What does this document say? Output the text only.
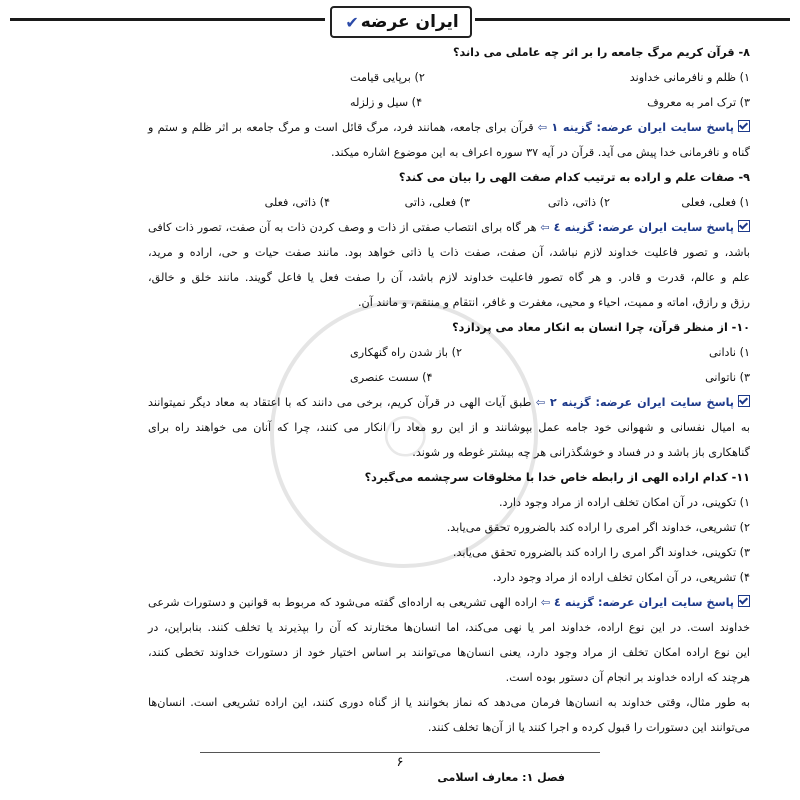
ایران عرضه
✔
◯

۸- قرآن کریم مرگ جامعه را بر اثر چه عاملی می داند؟

۱) ظلم و نافرمانی خداوند
۲) برپایی قیامت
۳) ترک امر به معروف
۴) سیل و زلزله

پاسخ سایت ایران عرضه: گزینه ۱ ⇦ قرآن برای جامعه، همانند فرد، مرگ قائل است و مرگ جامعه بر اثر ظلم و ستم و

گناه و نافرمانی خدا پیش می آید. قرآن در آیه ۳۷ سوره اعراف به این موضوع اشاره میکند.

۹- صفات علم و اراده به ترتیب کدام صفت الهی را بیان می کند؟

۱) فعلی، فعلی
۲) ذاتی، ذاتی
۳) فعلی، ذاتی
۴) ذاتی، فعلی

پاسخ سایت ایران عرضه: گزینه ٤ ⇦ هر گاه برای انتصاب صفتی از ذات و وصف کردن ذات به آن صفت، تصور ذات کافی

باشد، و تصور فاعلیت خداوند لازم نباشد، آن صفت، صفت ذات یا ذاتی خواهد بود. مانند صفت حیات و حی، اراده و مرید،

علم و عالم، قدرت و قادر. و هر گاه تصور فاعلیت خداوند لازم باشد، آن را صفت فعل یا فاعل گویند. مانند خلق و خالق،

رزق و رازق، اماته و ممیت، احیاء و محیی، مغفرت و غافر، انتقام و منتقم، و مانند آن.

۱۰- از منظر قرآن، چرا انسان به انکار معاد می پردازد؟

۱) نادانی
۲) باز شدن راه گنهکاری
۳) ناتوانی
۴) سست عنصری

پاسخ سایت ایران عرضه: گزینه ۲ ⇦ طبق آیات الهی در قرآن کریم، برخی می دانند که با اعتقاد به معاد دیگر نمیتوانند

به امیال نفسانی و شهوانی خود جامه عمل بپوشانند و از این رو معاد را انکار می کنند، چرا که آنان می خواهند راه برای

گناهکاری باز باشد و در فساد و خوشگذرانی هر چه بیشتر غوطه ور شوند.

۱۱- کدام اراده الهی از رابطه خاص خدا با مخلوقات سرچشمه می‌گیرد؟

۱) تکوینی، در آن امکان تخلف اراده از مراد وجود دارد.

۲) تشریعی، خداوند اگر امری را اراده کند بالضروره تحقق می‌یابد.

۳) تکوینی، خداوند اگر امری را اراده کند بالضروره تحقق می‌یابد.

۴) تشریعی، در آن امکان تخلف اراده از مراد وجود دارد.

پاسخ سایت ایران عرضه: گزینه ٤ ⇦ اراده الهی تشریعی به اراده‌ای گفته می‌شود که مربوط به قوانین و دستورات شرعی

خداوند است. در این نوع اراده، خداوند امر یا نهی می‌کند، اما انسان‌ها مختارند که آن را بپذیرند یا تخلف کنند. بنابراین، در

این نوع اراده امکان تخلف از مراد وجود دارد، یعنی انسان‌ها می‌توانند بر اساس اختیار خود از دستورات خداوند تخطی کنند،

هرچند که اراده خداوند بر انجام آن دستور بوده است.

به طور مثال، وقتی خداوند به انسان‌ها فرمان می‌دهد که نماز بخوانند یا از گناه دوری کنند، این اراده تشریعی است. انسان‌ها

می‌توانند این دستورات را قبول کرده و اجرا کنند یا از آن‌ها تخلف کنند.

۶
فصل ۱: معارف اسلامی
